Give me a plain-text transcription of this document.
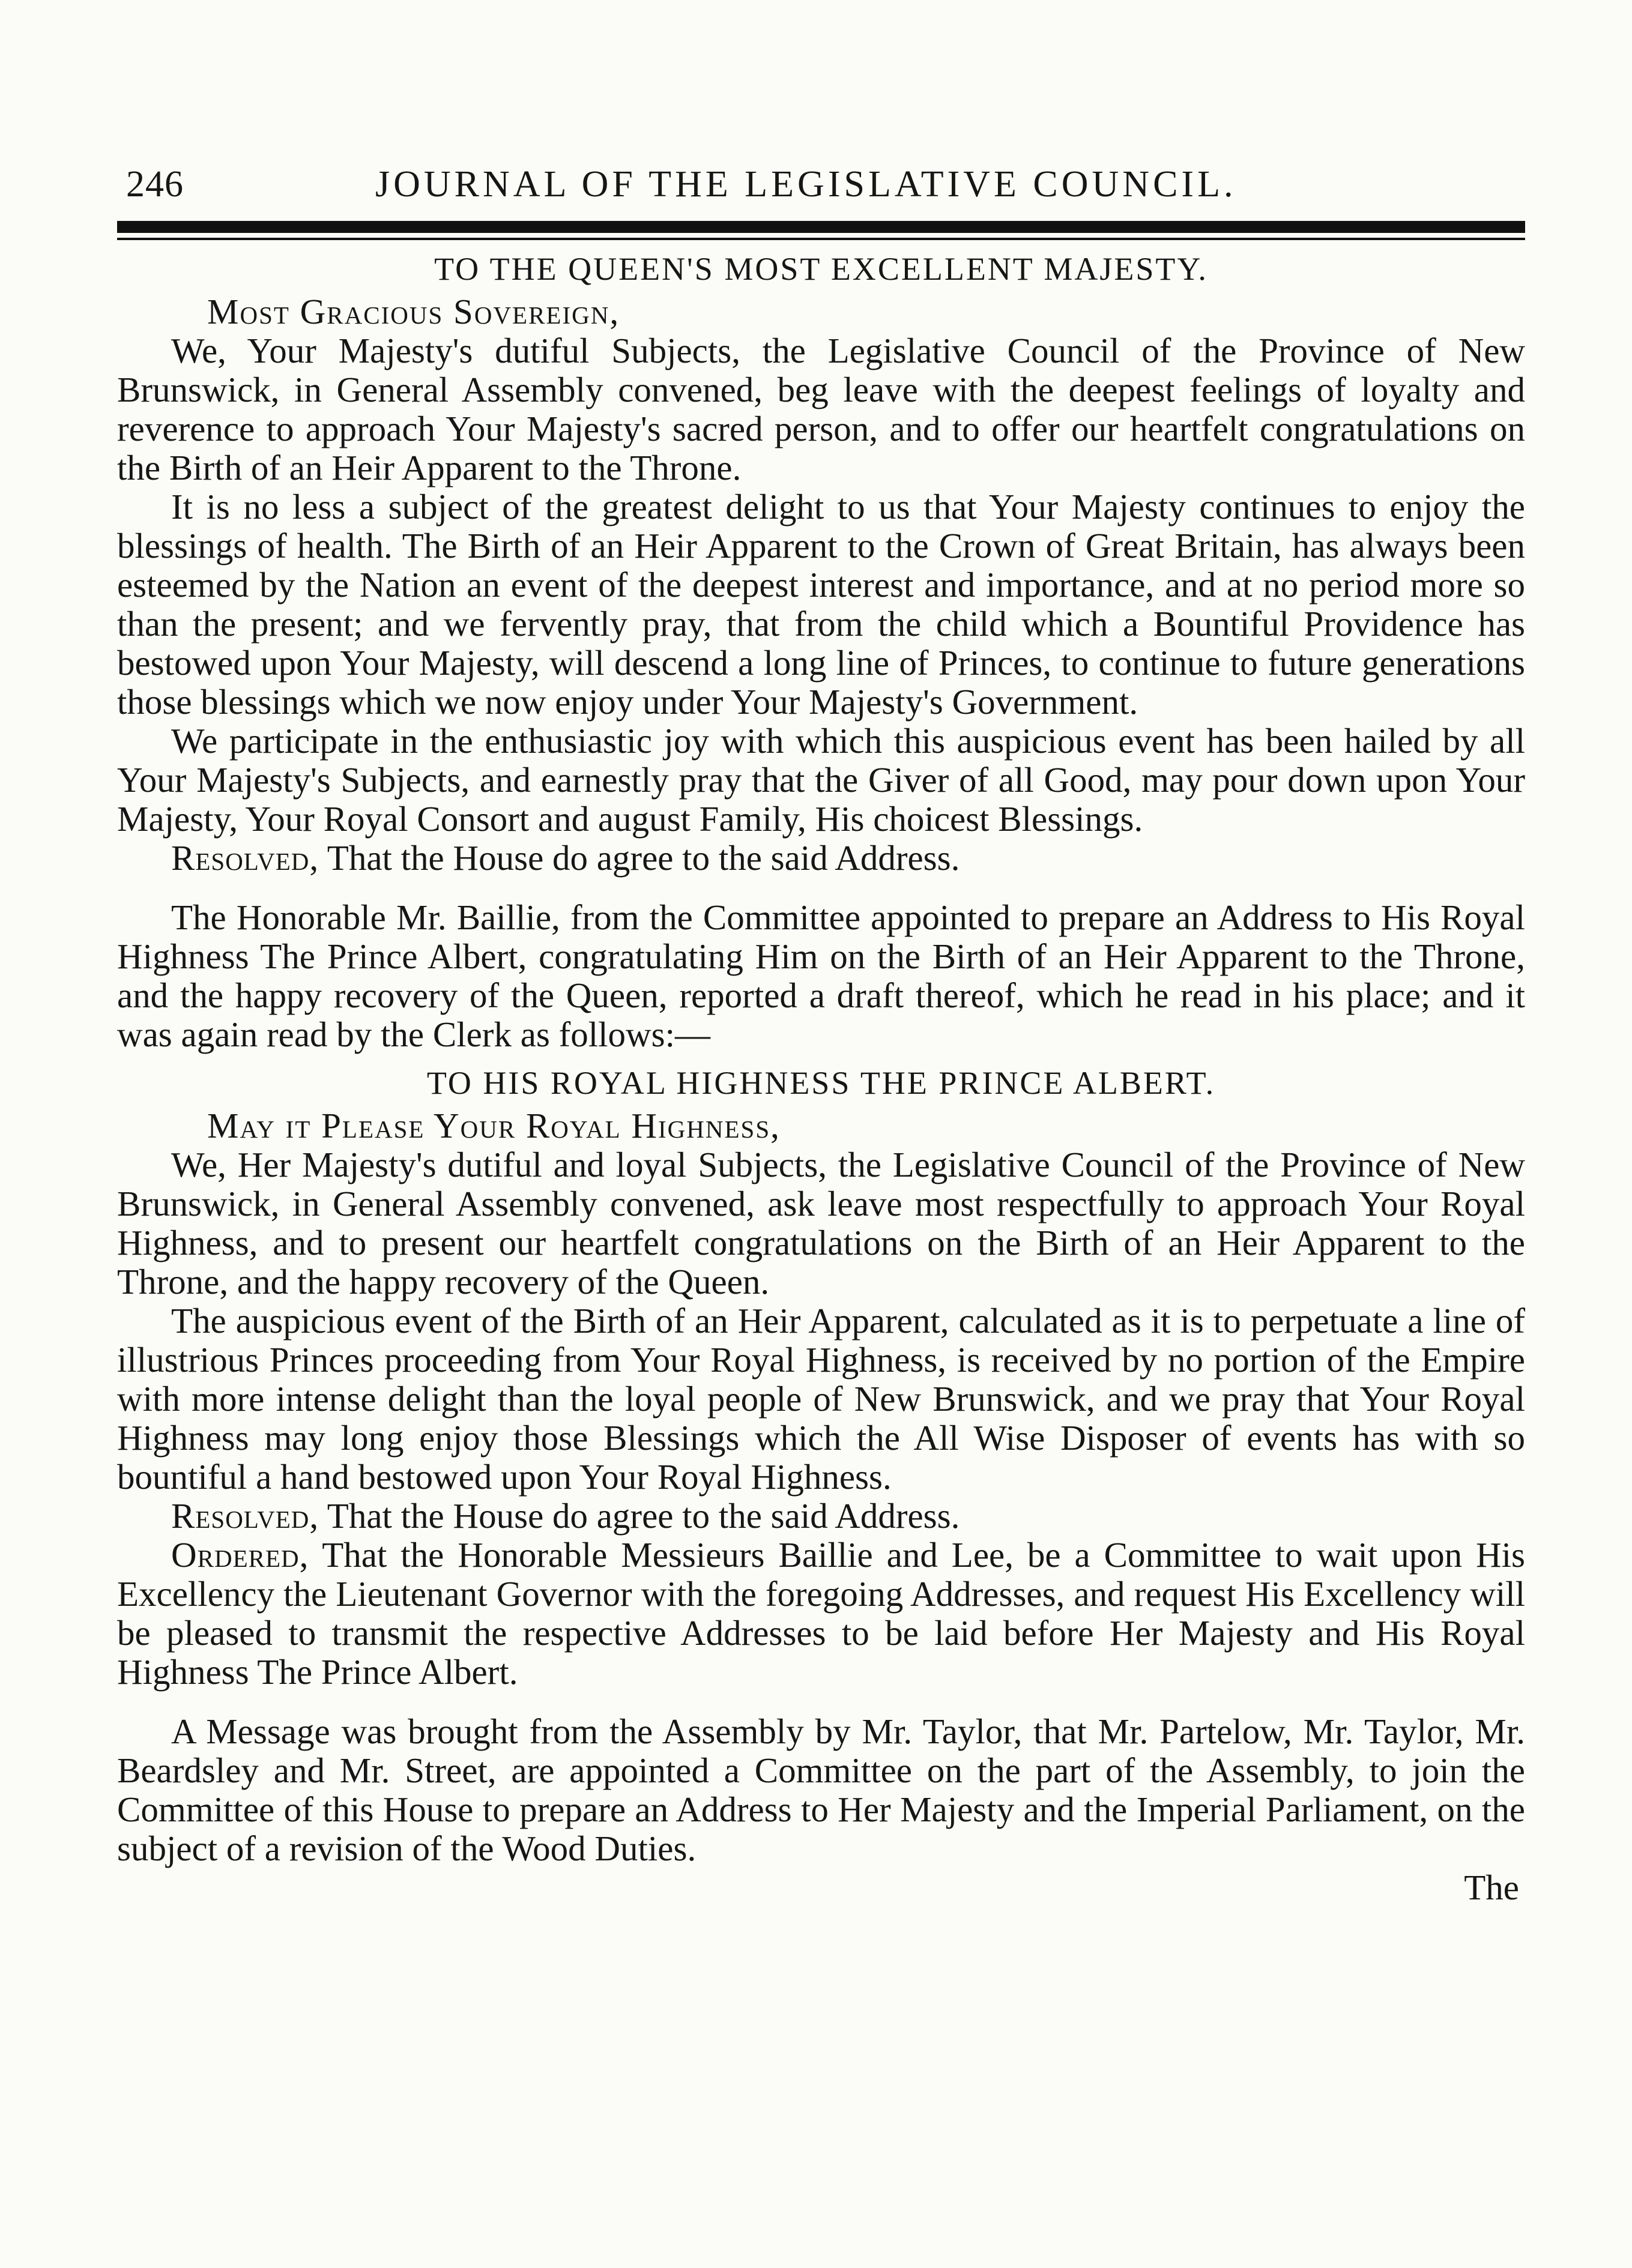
246	JOURNAL OF THE LEGISLATIVE COUNCIL.
TO THE QUEEN'S MOST EXCELLENT MAJESTY.
Most Gracious Sovereign,

We, Your Majesty's dutiful Subjects, the Legislative Council of the Province of New Brunswick, in General Assembly convened, beg leave with the deepest feelings of loyalty and reverence to approach Your Majesty's sacred person, and to offer our heartfelt congratulations on the Birth of an Heir Apparent to the Throne.

It is no less a subject of the greatest delight to us that Your Majesty continues to enjoy the blessings of health. The Birth of an Heir Apparent to the Crown of Great Britain, has always been esteemed by the Nation an event of the deepest interest and importance, and at no period more so than the present; and we fervently pray, that from the child which a Bountiful Providence has bestowed upon Your Majesty, will descend a long line of Princes, to continue to future generations those blessings which we now enjoy under Your Majesty's Government.

We participate in the enthusiastic joy with which this auspicious event has been hailed by all Your Majesty's Subjects, and earnestly pray that the Giver of all Good, may pour down upon Your Majesty, Your Royal Consort and august Family, His choicest Blessings.

Resolved, That the House do agree to the said Address.

The Honorable Mr. Baillie, from the Committee appointed to prepare an Address to His Royal Highness The Prince Albert, congratulating Him on the Birth of an Heir Apparent to the Throne, and the happy recovery of the Queen, reported a draft thereof, which he read in his place; and it was again read by the Clerk as follows:—

TO HIS ROYAL HIGHNESS THE PRINCE ALBERT.
May it Please Your Royal Highness,

We, Her Majesty's dutiful and loyal Subjects, the Legislative Council of the Province of New Brunswick, in General Assembly convened, ask leave most respectfully to approach Your Royal Highness, and to present our heartfelt congratulations on the Birth of an Heir Apparent to the Throne, and the happy recovery of the Queen.

The auspicious event of the Birth of an Heir Apparent, calculated as it is to perpetuate a line of illustrious Princes proceeding from Your Royal Highness, is received by no portion of the Empire with more intense delight than the loyal people of New Brunswick, and we pray that Your Royal Highness may long enjoy those Blessings which the All Wise Disposer of events has with so bountiful a hand bestowed upon Your Royal Highness.

Resolved, That the House do agree to the said Address.

Ordered, That the Honorable Messieurs Baillie and Lee, be a Committee to wait upon His Excellency the Lieutenant Governor with the foregoing Addresses, and request His Excellency will be pleased to transmit the respective Addresses to be laid before Her Majesty and His Royal Highness The Prince Albert.

A Message was brought from the Assembly by Mr. Taylor, that Mr. Partelow, Mr. Taylor, Mr. Beardsley and Mr. Street, are appointed a Committee on the part of the Assembly, to join the Committee of this House to prepare an Address to Her Majesty and the Imperial Parliament, on the subject of a revision of the Wood Duties.

The
